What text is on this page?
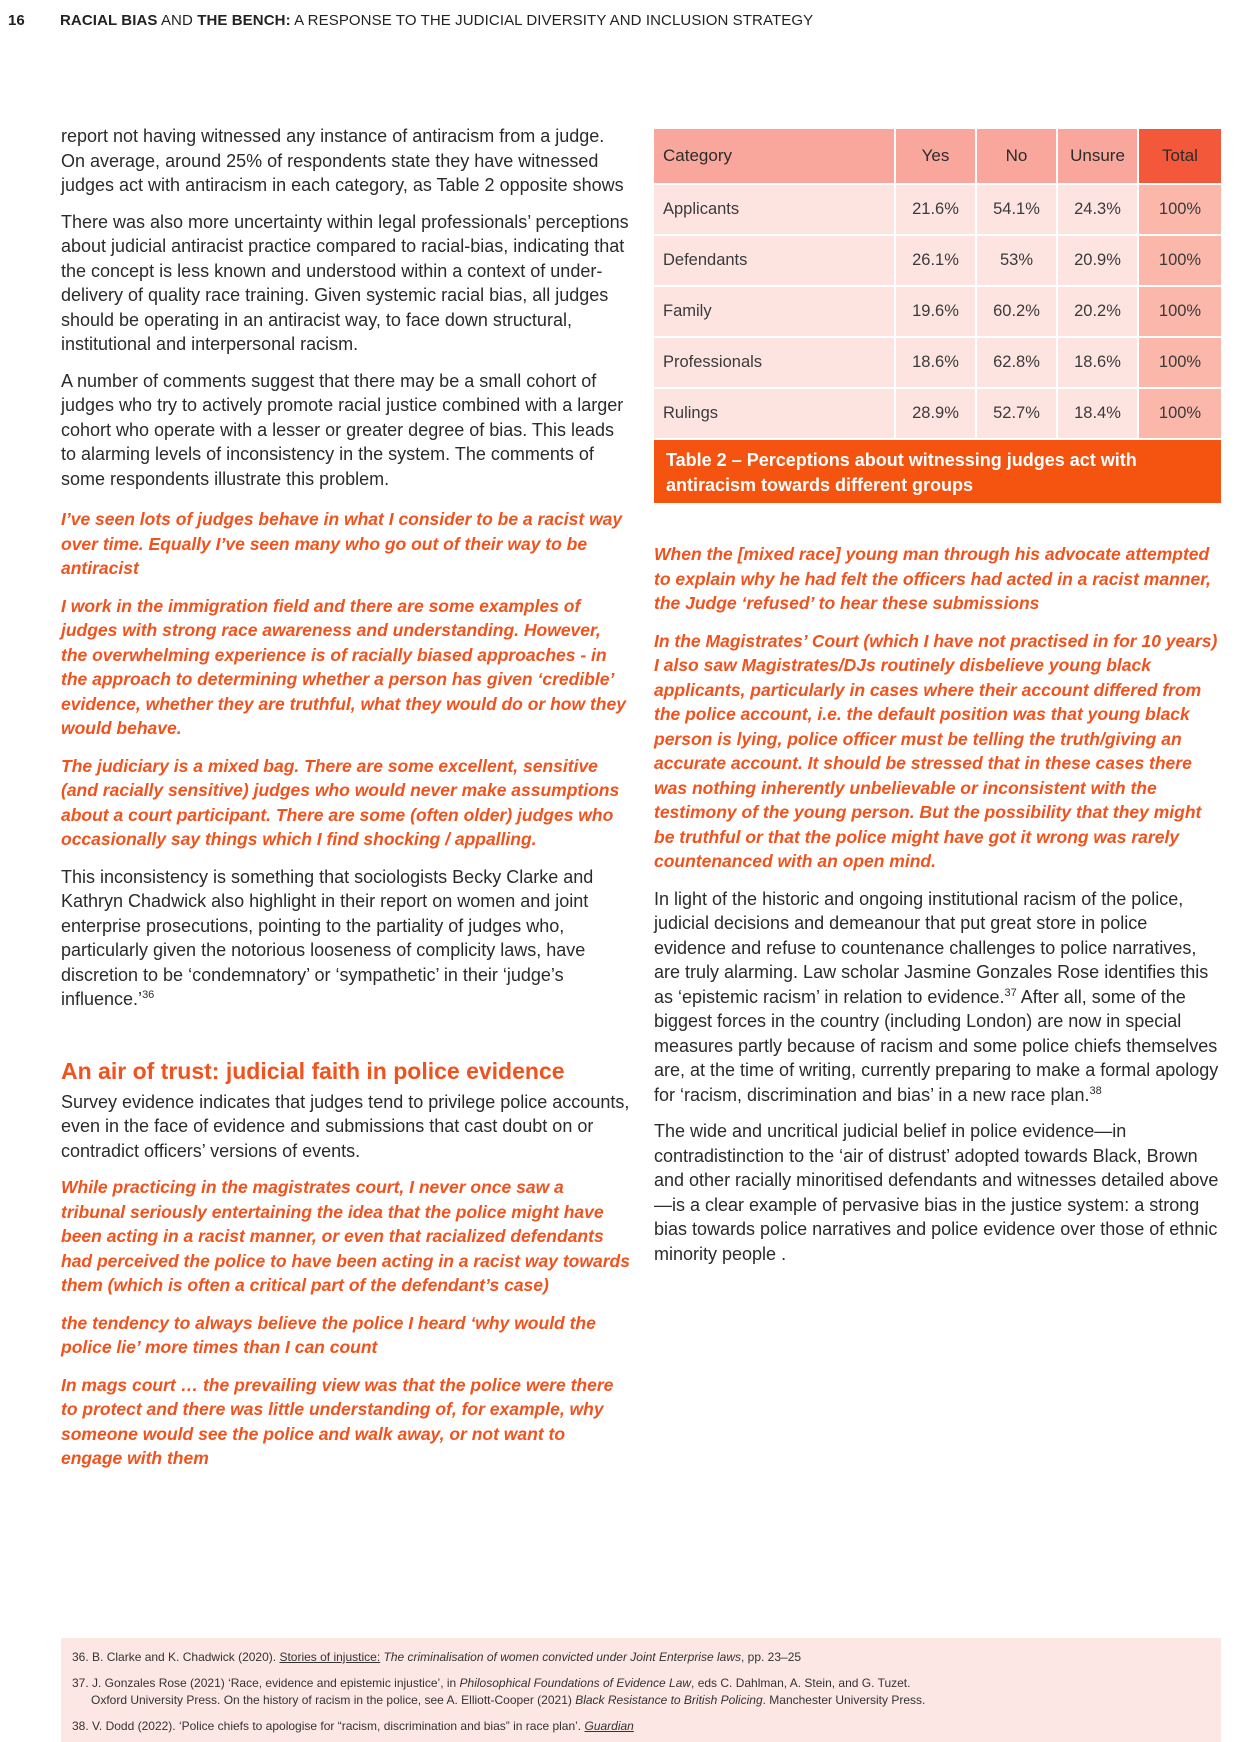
16 RACIAL BIAS AND THE BENCH: A RESPONSE TO THE JUDICIAL DIVERSITY AND INCLUSION STRATEGY

report not having witnessed any instance of antiracism from a judge. On average, around 25% of respondents state they have witnessed judges act with antiracism in each category, as Table 2 opposite shows

There was also more uncertainty within legal professionals’ perceptions about judicial antiracist practice compared to racial-bias, indicating that the concept is less known and understood within a context of under-delivery of quality race training. Given systemic racial bias, all judges should be operating in an antiracist way, to face down structural, institutional and interpersonal racism.

A number of comments suggest that there may be a small cohort of judges who try to actively promote racial justice combined with a larger cohort who operate with a lesser or greater degree of bias. This leads to alarming levels of inconsistency in the system. The comments of some respondents illustrate this problem.

I’ve seen lots of judges behave in what I consider to be a racist way over time. Equally I’ve seen many who go out of their way to be antiracist

I work in the immigration field and there are some examples of judges with strong race awareness and understanding. However, the overwhelming experience is of racially biased approaches - in the approach to determining whether a person has given ‘credible’ evidence, whether they are truthful, what they would do or how they would behave.

The judiciary is a mixed bag. There are some excellent, sensitive (and racially sensitive) judges who would never make assumptions about a court participant. There are some (often older) judges who occasionally say things which I find shocking / appalling.

This inconsistency is something that sociologists Becky Clarke and Kathryn Chadwick also highlight in their report on women and joint enterprise prosecutions, pointing to the partiality of judges who, particularly given the notorious looseness of complicity laws, have discretion to be ‘condemnatory’ or ‘sympathetic’ in their ‘judge’s influence.’$^{36}$

An air of trust: judicial faith in police evidence

Survey evidence indicates that judges tend to privilege police accounts, even in the face of evidence and submissions that cast doubt on or contradict officers’ versions of events.

While practicing in the magistrates court, I never once saw a tribunal seriously entertaining the idea that the police might have been acting in a racist manner, or even that racialized defendants had perceived the police to have been acting in a racist way towards them (which is often a critical part of the defendant’s case)

the tendency to always believe the police I heard ‘why would the police lie’ more times than I can count

In mags court … the prevailing view was that the police were there to protect and there was little understanding of, for example, why someone would see the police and walk away, or not want to engage with them

Category	Yes	No	Unsure	Total
Applicants	21.6%	54.1%	24.3%	100%
Defendants	26.1%	53%	20.9%	100%
Family	19.6%	60.2%	20.2%	100%
Professionals	18.6%	62.8%	18.6%	100%
Rulings	28.9%	52.7%	18.4%	100%
Table 2 – Perceptions about witnessing judges act with antiracism towards different groups

When the [mixed race] young man through his advocate attempted to explain why he had felt the officers had acted in a racist manner, the Judge ‘refused’ to hear these submissions

In the Magistrates’ Court (which I have not practised in for 10 years) I also saw Magistrates/DJs routinely disbelieve young black applicants, particularly in cases where their account differed from the police account, i.e. the default position was that young black person is lying, police officer must be telling the truth/giving an accurate account. It should be stressed that in these cases there was nothing inherently unbelievable or inconsistent with the testimony of the young person. But the possibility that they might be truthful or that the police might have got it wrong was rarely countenanced with an open mind.

In light of the historic and ongoing institutional racism of the police, judicial decisions and demeanour that put great store in police evidence and refuse to countenance challenges to police narratives, are truly alarming. Law scholar Jasmine Gonzales Rose identifies this as ‘epistemic racism’ in relation to evidence.$^{37}$ After all, some of the biggest forces in the country (including London) are now in special measures partly because of racism and some police chiefs themselves are, at the time of writing, currently preparing to make a formal apology for ‘racism, discrimination and bias’ in a new race plan.$^{38}$

The wide and uncritical judicial belief in police evidence—in contradistinction to the ‘air of distrust’ adopted towards Black, Brown and other racially minoritised defendants and witnesses detailed above—is a clear example of pervasive bias in the justice system: a strong bias towards police narratives and police evidence over those of ethnic minority people .

36. B. Clarke and K. Chadwick (2020). Stories of injustice: The criminalisation of women convicted under Joint Enterprise laws, pp. 23–25
37. J. Gonzales Rose (2021) ‘Race, evidence and epistemic injustice’, in Philosophical Foundations of Evidence Law, eds C. Dahlman, A. Stein, and G. Tuzet.
Oxford University Press. On the history of racism in the police, see A. Elliott-Cooper (2021) Black Resistance to British Policing. Manchester University Press.
38. V. Dodd (2022). ‘Police chiefs to apologise for “racism, discrimination and bias” in race plan’. Guardian
